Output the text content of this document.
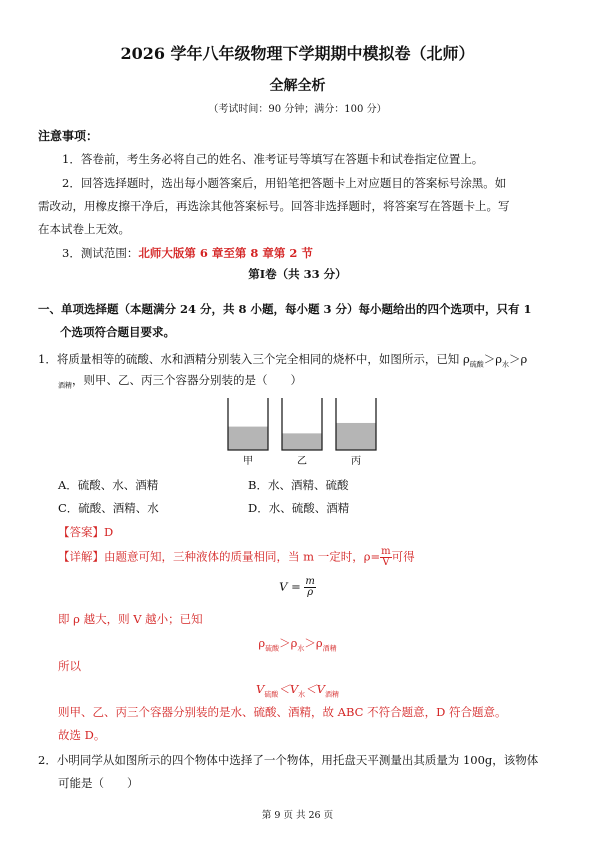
2026 学年八年级物理下学期期中模拟卷（北师）
全解全析
（考试时间：90 分钟；满分：100 分）
注意事项：
1．答卷前，考生务必将自己的姓名、准考证号等填写在答题卡和试卷指定位置上。
2．回答选择题时，选出每小题答案后，用铅笔把答题卡上对应题目的答案标号涂黑。如
需改动，用橡皮擦干净后，再选涂其他答案标号。回答非选择题时，将答案写在答题卡上。写
在本试卷上无效。
3．测试范围：北师大版第 6 章至第 8 章第 2 节
第Ⅰ卷（共 33 分）
一、单项选择题（本题满分 24 分，共 8 小题，每小题 3 分）每小题给出的四个选项中，只有 1
个选项符合题目要求。
1．将质量相等的硫酸、水和酒精分别装入三个完全相同的烧杯中，如图所示，已知 $\rho_{硫酸}>\rho_水>\rho$
$_{酒精}$，则甲、乙、丙三个容器分别装的是（　　）
甲	乙	丙
A．硫酸、水、酒精	B．水、酒精、硫酸
C．硫酸、酒精、水	D．水、硫酸、酒精
【答案】D
【详解】由题意可知，三种液体的质量相同，当 m 一定时，$\rho= \frac{m}{V}$ 可得
$V = \frac{m}{\rho}$
即 ρ 越大，则 V 越小；已知
$\rho_{硫酸}>\rho_水>\rho_{酒精}$
所以
$V_{硫酸}<V_水<V_{酒精}$
则甲、乙、丙三个容器分别装的是水、硫酸、酒精，故 ABC 不符合题意，D 符合题意。
故选 D。
2．小明同学从如图所示的四个物体中选择了一个物体，用托盘天平测量出其质量为 100g，该物体
可能是（　　）
第 9 页 共 26 页
